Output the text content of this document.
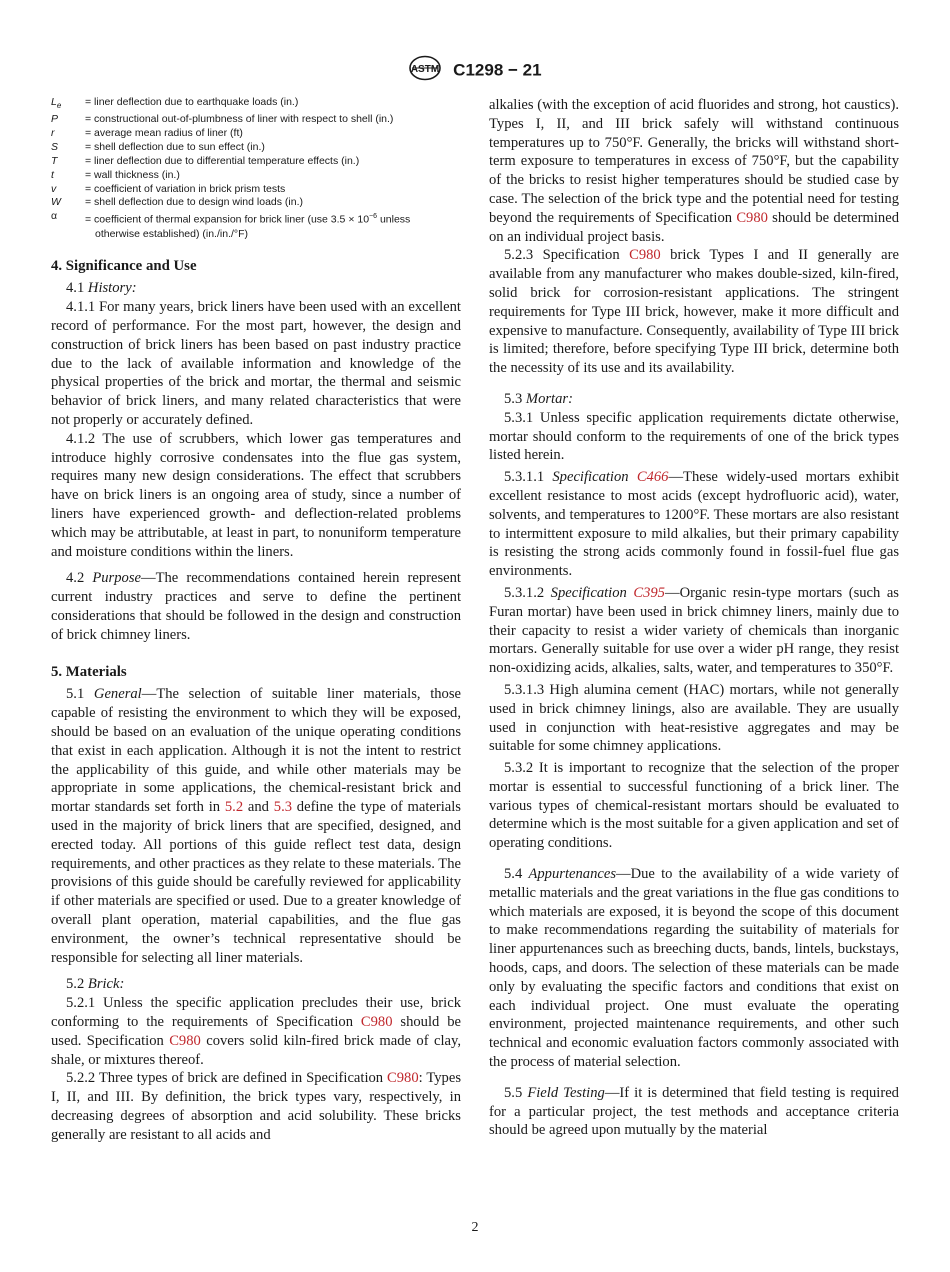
ASTM C1298 − 21
$L_e$	= liner deflection due to earthquake loads (in.)
P	= constructional out-of-plumbness of liner with respect to shell (in.)
r	= average mean radius of liner (ft)
S	= shell deflection due to sun effect (in.)
T	= liner deflection due to differential temperature effects (in.)
t	= wall thickness (in.)
v	= coefficient of variation in brick prism tests
W	= shell deflection due to design wind loads (in.)
α	= coefficient of thermal expansion for brick liner (use $3.5 \times 10^{-6}$ unless
otherwise established) (in./in./°F)
4. Significance and Use

4.1 History:

4.1.1 For many years, brick liners have been used with an excellent record of performance. For the most part, however, the design and construction of brick liners has been based on past industry practice due to the lack of available information and knowledge of the physical properties of the brick and mortar, the thermal and seismic behavior of brick liners, and many related characteristics that were not properly or accurately defined.

4.1.2 The use of scrubbers, which lower gas temperatures and introduce highly corrosive condensates into the flue gas system, requires many new design considerations. The effect that scrubbers have on brick liners is an ongoing area of study, since a number of liners have experienced growth- and deflection-related problems which may be attributable, at least in part, to nonuniform temperature and moisture conditions within the liners.

4.2 Purpose—The recommendations contained herein represent current industry practices and serve to define the pertinent considerations that should be followed in the design and construction of brick chimney liners.

5. Materials

5.1 General—The selection of suitable liner materials, those capable of resisting the environment to which they will be exposed, should be based on an evaluation of the unique operating conditions that exist in each application. Although it is not the intent to restrict the applicability of this guide, and while other materials may be appropriate in some applications, the chemical-resistant brick and mortar standards set forth in 5.2 and 5.3 define the type of materials used in the majority of brick liners that are specified, designed, and erected today. All portions of this guide reflect test data, design requirements, and other practices as they relate to these materials. The provisions of this guide should be carefully reviewed for applicability if other materials are specified or used. Due to a greater knowledge of overall plant operation, material capabilities, and the flue gas environment, the owner’s technical representative should be responsible for selecting all liner materials.

5.2 Brick:

5.2.1 Unless the specific application precludes their use, brick conforming to the requirements of Specification C980 should be used. Specification C980 covers solid kiln-fired brick made of clay, shale, or mixtures thereof.

5.2.2 Three types of brick are defined in Specification C980: Types I, II, and III. By definition, the brick types vary, respectively, in decreasing degrees of absorption and acid solubility. These bricks generally are resistant to all acids and

alkalies (with the exception of acid fluorides and strong, hot caustics). Types I, II, and III brick safely will withstand continuous temperatures up to 750°F. Generally, the bricks will withstand short-term exposure to temperatures in excess of 750°F, but the capability of the bricks to resist higher temperatures should be studied case by case. The selection of the brick type and the potential need for testing beyond the requirements of Specification C980 should be determined on an individual project basis.

5.2.3 Specification C980 brick Types I and II generally are available from any manufacturer who makes double-sized, kiln-fired, solid brick for corrosion-resistant applications. The stringent requirements for Type III brick, however, make it more difficult and expensive to manufacture. Consequently, availability of Type III brick is limited; therefore, before specifying Type III brick, determine both the necessity of its use and its availability.

5.3 Mortar:

5.3.1 Unless specific application requirements dictate otherwise, mortar should conform to the requirements of one of the brick types listed herein.

5.3.1.1 Specification C466—These widely-used mortars exhibit excellent resistance to most acids (except hydrofluoric acid), water, solvents, and temperatures to 1200°F. These mortars are also resistant to intermittent exposure to mild alkalies, but their primary capability is resisting the strong acids commonly found in fossil-fuel flue gas environments.

5.3.1.2 Specification C395—Organic resin-type mortars (such as Furan mortar) have been used in brick chimney liners, mainly due to their capacity to resist a wider variety of chemicals than inorganic mortars. Generally suitable for use over a wider pH range, they resist non-oxidizing acids, alkalies, salts, water, and temperatures to 350°F.

5.3.1.3 High alumina cement (HAC) mortars, while not generally used in brick chimney linings, also are available. They are usually used in conjunction with heat-resistive aggregates and may be suitable for some chimney applications.

5.3.2 It is important to recognize that the selection of the proper mortar is essential to successful functioning of a brick liner. The various types of chemical-resistant mortars should be evaluated to determine which is the most suitable for a given application and set of operating conditions.

5.4 Appurtenances—Due to the availability of a wide variety of metallic materials and the great variations in the flue gas conditions to which materials are exposed, it is beyond the scope of this document to make recommendations regarding the suitability of materials for liner appurtenances such as breeching ducts, bands, lintels, buckstays, hoods, caps, and doors. The selection of these materials can be made only by evaluating the specific factors and conditions that exist on each individual project. One must evaluate the operating environment, projected maintenance requirements, and other such technical and economic evaluation factors commonly associated with the process of material selection.

5.5 Field Testing—If it is determined that field testing is required for a particular project, the test methods and acceptance criteria should be agreed upon mutually by the material

2
